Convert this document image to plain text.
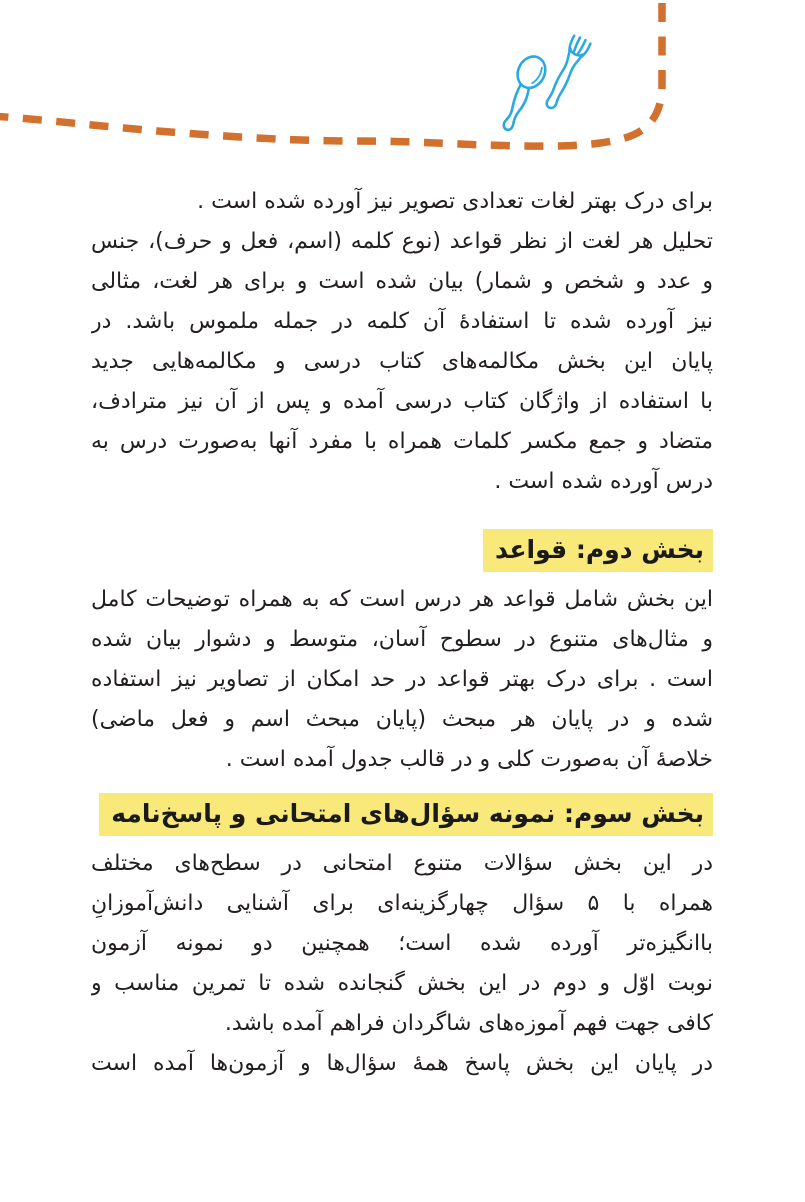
برای درک بهتر لغات تعدادی تصویر نیز آورده شده است .
تحلیل هر لغت از نظر قواعد (نوع کلمه (اسم، فعل و حرف)، جنس
و عدد و شخص و شمار) بیان شده است و برای هر لغت، مثالی
نیز آورده شده تا استفادهٔ آن کلمه در جمله ملموس باشد. در
پایان این بخش مکالمه‌های کتاب درسی و مکالمه‌هایی جدید
با استفاده از واژگان کتاب درسی آمده و پس از آن نیز مترادف،
متضاد و جمع مکسر کلمات همراه با مفرد آنها به‌صورت درس به
درس آورده شده است .
بخش دوم: قواعد
این بخش شامل قواعد هر درس است که به همراه توضیحات کامل
و مثال‌های متنوع در سطوح آسان، متوسط و دشوار بیان شده
است . برای درک بهتر قواعد در حد امکان از تصاویر نیز استفاده
شده و در پایان هر مبحث (پایان مبحث اسم و فعل ماضی)
خلاصهٔ آن به‌صورت کلی و در قالب جدول آمده است .
بخش سوم: نمونه سؤال‌های امتحانی و پاسخ‌نامه
در این بخش سؤالات متنوع امتحانی در سطح‌های مختلف
همراه با ۵ سؤال چهارگزینه‌ای برای آشنایی دانش‌آموزانِ
باانگیزه‌تر آورده شده است؛ همچنین دو نمونه آزمون
نوبت اوّل و دوم در این بخش گنجانده شده تا تمرین مناسب و
کافی جهت فهم آموزه‌های شاگردان فراهم آمده باشد.
در پایان این بخش پاسخ همهٔ سؤال‌ها و آزمون‌ها آمده است
